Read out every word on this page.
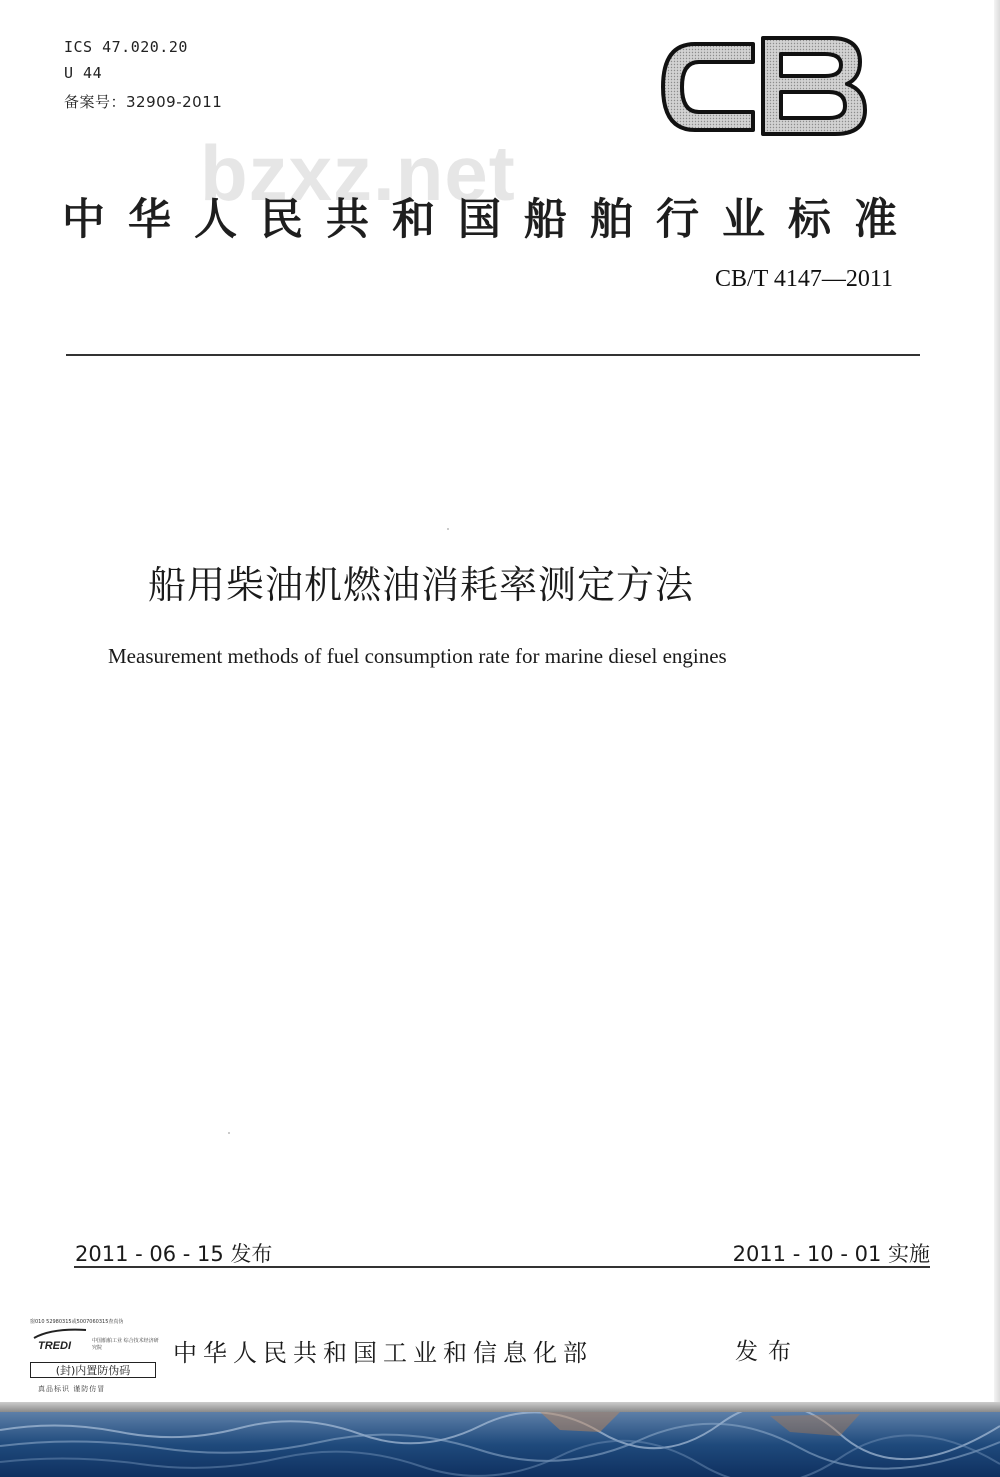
ICS 47.020.20
U 44
备案号：32909-2011
bzxz.net
中华人民共和国船舶行业标准
CB/T 4147—2011
船用柴油机燃油消耗率测定方法
Measurement methods of fuel consumption rate for marine diesel engines
2011 - 06 - 15 发布	2011 - 10 - 01 实施
窗010 52980315或5007060315查真伪
TREDI	中国船舶工业 综合技术经济研究院
(封)内置防伪码
真品标识 谨防仿冒
中华人民共和国工业和信息化部	发布
